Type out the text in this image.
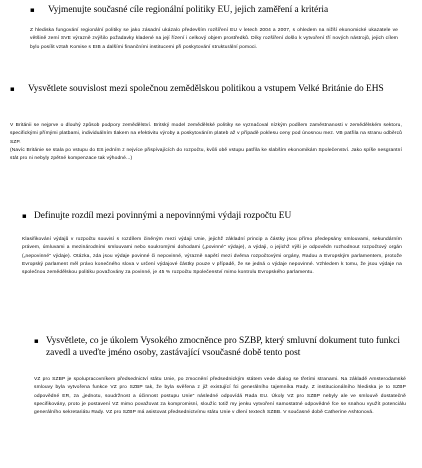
▪ Vyjmenujte současné cíle regionální politiky EU, jejich zaměření a kritéria

Z hlediska fungování regionální politiky se jako zásadní ukázalo především rozšíření EU v letech 2004 a 2007, s ohledem na nižší ekonomické ukazatele ve většině zemí SVE výrazně zvýšilo požadavky kladené na její řízení i celkový objem prostředků. Díky rozšíření došlo k vytvoření tří nových nástrojů, jejich cílem bylo posílit vztah Komise s EIB a dalšími finančními institucemi při poskytování strukturální pomoci.

▪ Vysvětlete souvislost mezi společnou zemědělskou politikou a vstupem Velké Británie do EHS

V Británii se nejprve o dlouhý způsob podpory zemědělství. Britský model zemědělské politiky se vyznačoval nízkým podílem zaměstnanosti v zemědělském sektoru, specifickými přímými platbami, individuálním tlakem na efektivitu výroby a poskytováním plateb až v případě poklesu ceny pod únosnou mez. VB patřila na stranu odběrců SZP.

(Navíc Británie se stala po vstupu do ES jedním z nejvíce přispívajících do rozpočtu, kvůli obě vstupu patřila ke slabším ekonomikám Společenství. Jako spíše nesgrantní stát pro ni nebyly zpětné kompenzace tak výhodné...)

▪ Definujte rozdíl mezi povinnými a nepovinnými výdaji rozpočtu EU

Klasifikování výdajů v rozpočtu souvisí s rozdílem činěným mezi výdaji Unie, jejichž základní princip a částky jsou přímo předepsány smlouvami, sekundárním právem, úmluvami a mezinárodními smlouvami nebo soukromými dohodami („povinné" výdaje), a výdaji, o jejichž výši je odpovědn rozhodnout rozpočtový orgán („nepovinné" výdaje). Otázka, zda jsou výdaje povinné či nepovinné, výrazně napětí mezi dvěma rozpočtovými orgány, Radou a Evropským parlamentem, protože Evropský parlament měl právo konečného slova v určení výdajové částky pouze v případě, že se jedná o výdaje nepovinné. Vzhledem k tomu, že jsou výdaje na společnou zemědělskou politiku považovány za povinné, je 45 % rozpočtu Společenství mimo kontrolu Evropského parlamentu.

▪ Vysvětlete, co je úkolem Vysokého zmocněnce pro SZBP, který smluvní dokument tuto funkci zavedl a uveďte jméno osoby, zastávající vsoučasné době tento post

VZ pro SZBP je spolupracovníkem předsednictví státu Unie, po zmocnění předsednickým státem vede dialog se třetími stranami. Na základě Amsterodamské smlouvy byla vytvořena funkce VZ pro SZBP tak, že byla svěřena z již existující fci generálního tajemníka Rady. Z institucionálního hlediska je to SZBP odpovědné ER, za „jednotu, soudržnost a účinnost postupu Unie" následné odpovídá Rada EU. Úkoly VZ pro SZBP nebyly ale ve smlouvě dostatečně specifikovány, proto je postavení VZ mimo považovat za kompromisní, sloužíc totiž my jenku vytvoření samostatné odpovědné fce se snahou využít potenciálu generálního sekretariátu Rady. VZ pro SZBP má asistovat předsednictvímu státu Unie v dlení textech SZBB. V současné době Catherine Ashtonová.
